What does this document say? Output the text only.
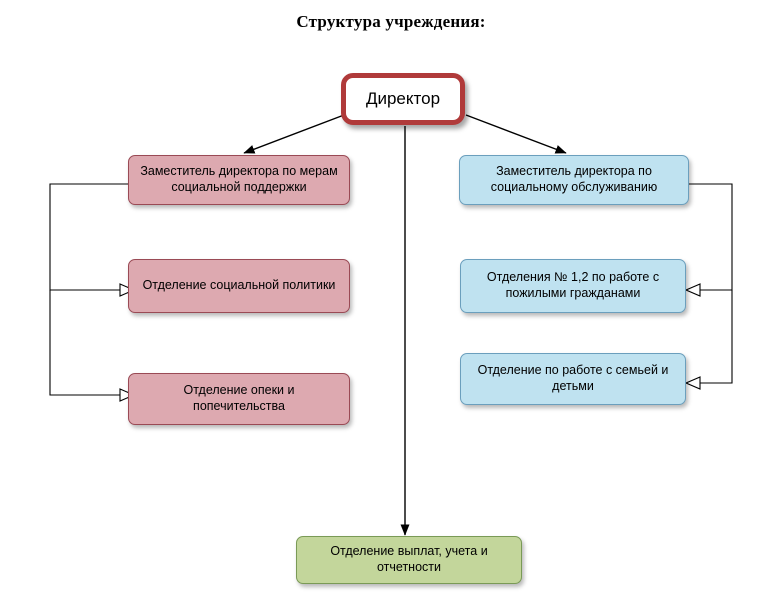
Структура учреждения:
Директор
Заместитель директора по мерам социальной поддержки
Заместитель директора по социальному обслуживанию
Отделение социальной политики
Отделения № 1,2 по работе с пожилыми гражданами
Отделение опеки и попечительства
Отделение по работе с семьей и детьми
Отделение выплат, учета и отчетности
